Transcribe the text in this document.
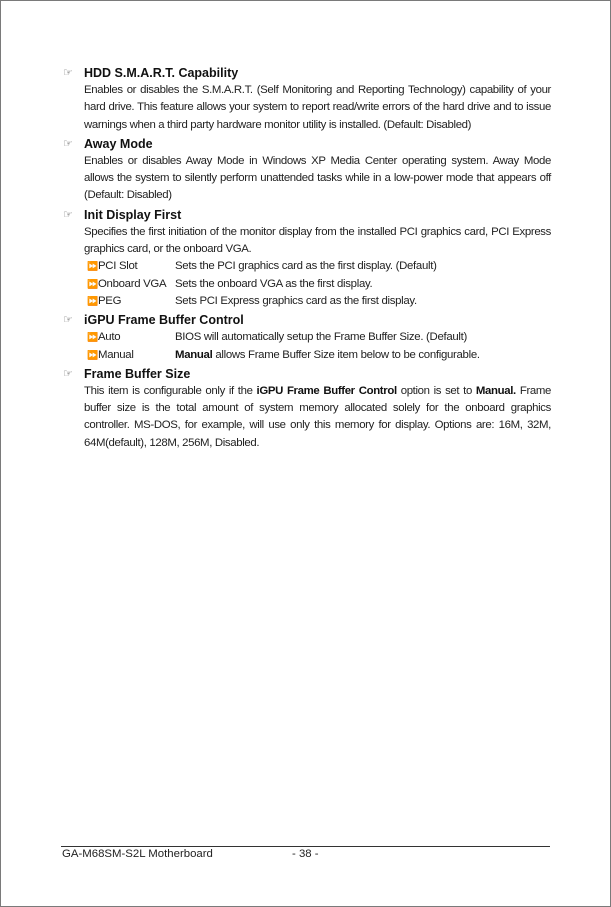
☞ HDD S.M.A.R.T. Capability
Enables or disables the S.M.A.R.T. (Self Monitoring and Reporting Technology) capability of your hard drive. This feature allows your system to report read/write errors of the hard drive and to issue warnings when a third party hardware monitor utility is installed. (Default: Disabled)
☞ Away Mode
Enables or disables Away Mode in Windows XP Media Center operating system. Away Mode allows the system to silently perform unattended tasks while in a low-power mode that appears off (Default: Disabled)
☞ Init Display First
Specifies the first initiation of the monitor display from the installed PCI graphics card, PCI Express graphics card, or the onboard VGA.
⏩ PCI Slot	Sets the PCI graphics card as the first display. (Default)
⏩ Onboard VGA Sets the onboard VGA as the first display.
⏩ PEG	Sets PCI Express graphics card as the first display.
☞ iGPU Frame Buffer Control
⏩ Auto	BIOS will automatically setup the Frame Buffer Size. (Default)
⏩ Manual	Manual allows Frame Buffer Size item below to be configurable.
☞ Frame Buffer Size
This item is configurable only if the iGPU Frame Buffer Control option is set to Manual. Frame buffer size is the total amount of system memory allocated solely for the onboard graphics controller. MS-DOS, for example, will use only this memory for display. Options are: 16M, 32M, 64M(default), 128M, 256M, Disabled.
GA-M68SM-S2L Motherboard	- 38 -
